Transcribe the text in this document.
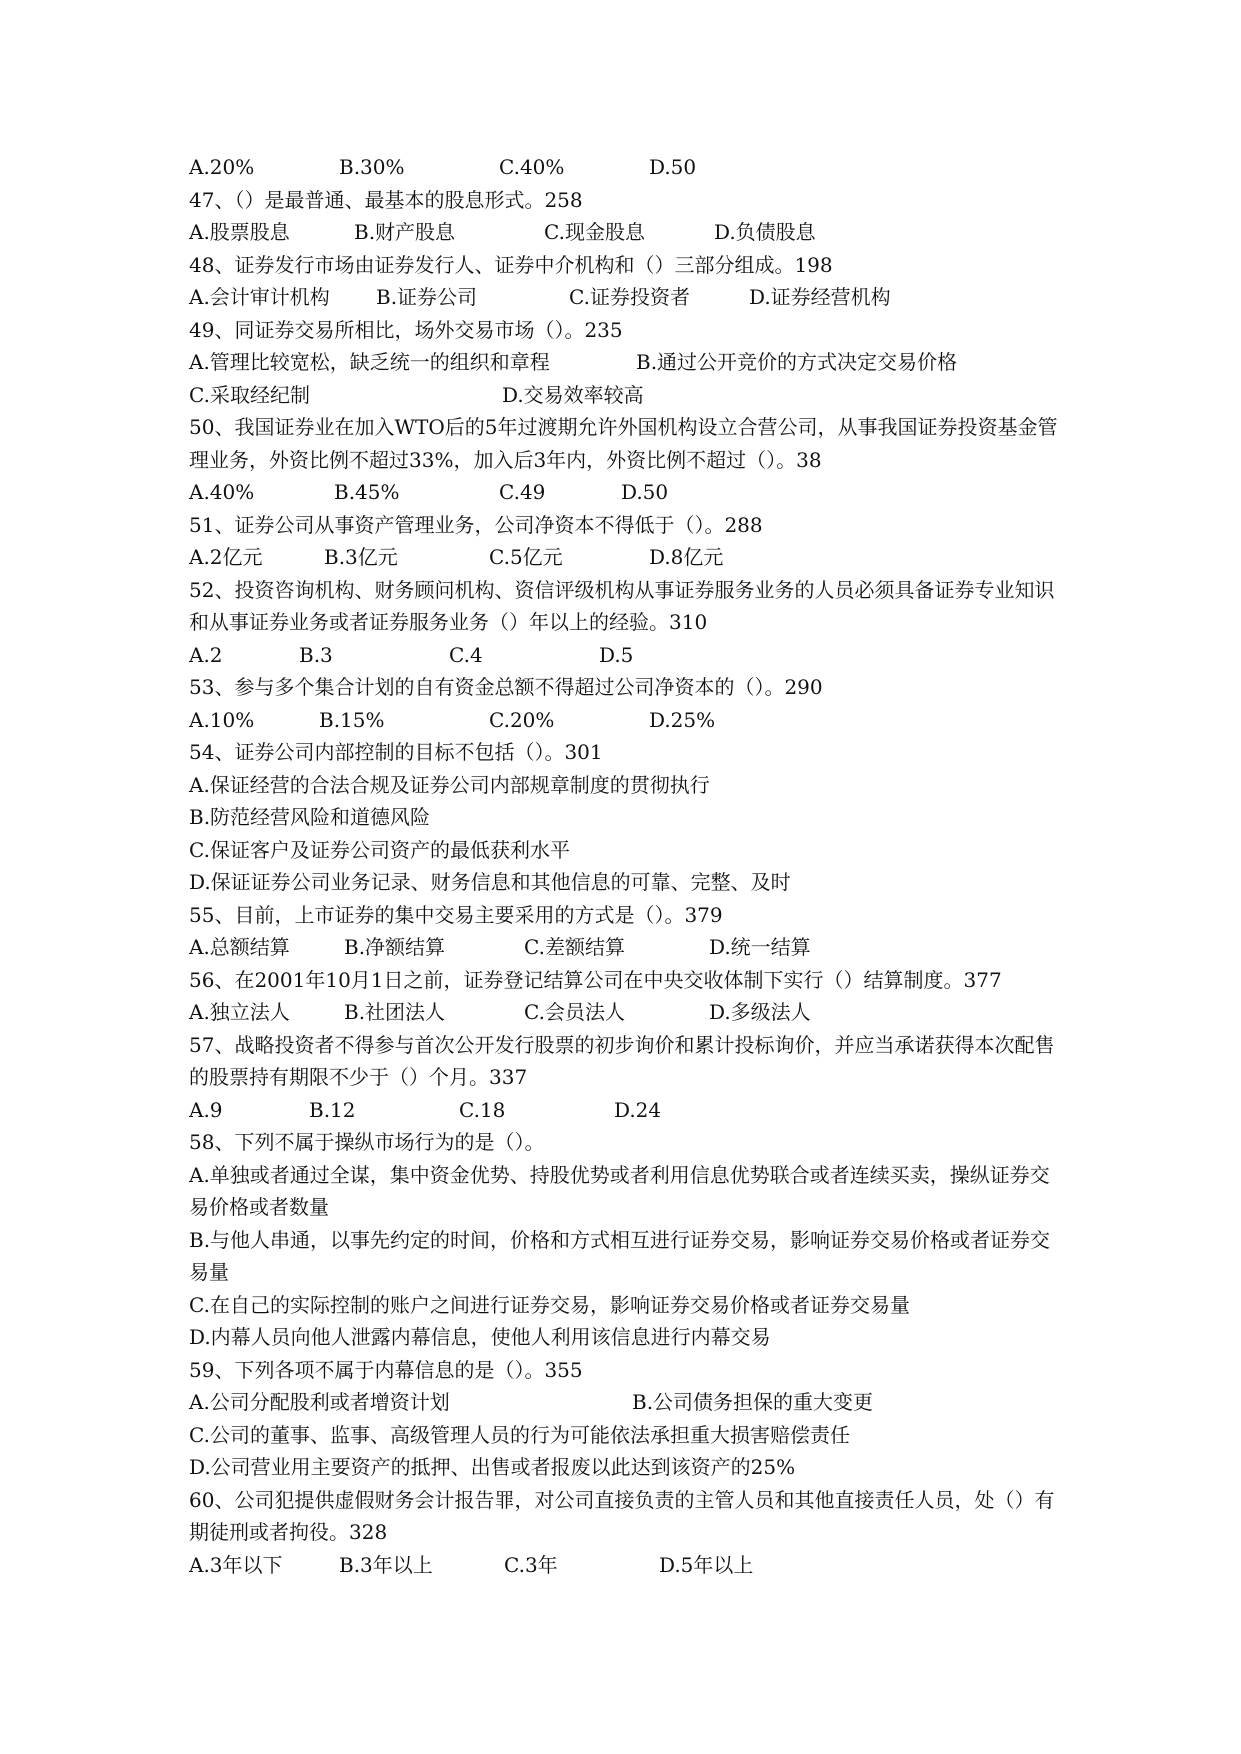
A.20%	B.30%	C.40%	D.50
47、（）是最普通、最基本的股息形式。258
A.股票股息	B.财产股息	C.现金股息	D.负债股息
48、证券发行市场由证券发行人、证券中介机构和（）三部分组成。198
A.会计审计机构 B.证券公司	C.证券投资者	D.证券经营机构
49、同证券交易所相比，场外交易市场（）。235
A.管理比较宽松，缺乏统一的组织和章程	B.通过公开竞价的方式决定交易价格
C.采取经纪制	D.交易效率较高
50、我国证券业在加入WTO后的5年过渡期允许外国机构设立合营公司，从事我国证券投资基金管理业务，外资比例不超过33%，加入后3年内，外资比例不超过（）。38
A.40%	B.45%	C.49	D.50
51、证券公司从事资产管理业务，公司净资本不得低于（）。288
A.2亿元	B.3亿元	C.5亿元	D.8亿元
52、投资咨询机构、财务顾问机构、资信评级机构从事证券服务业务的人员必须具备证券专业知识和从事证券业务或者证券服务业务（）年以上的经验。310
A.2	B.3	C.4	D.5
53、参与多个集合计划的自有资金总额不得超过公司净资本的（）。290
A.10%	B.15%	C.20%	D.25%
54、证券公司内部控制的目标不包括（）。301
A.保证经营的合法合规及证券公司内部规章制度的贯彻执行
B.防范经营风险和道德风险
C.保证客户及证券公司资产的最低获利水平
D.保证证券公司业务记录、财务信息和其他信息的可靠、完整、及时
55、目前，上市证券的集中交易主要采用的方式是（）。379
A.总额结算	B.净额结算	C.差额结算	D.统一结算
56、在2001年10月1日之前，证券登记结算公司在中央交收体制下实行（）结算制度。377
A.独立法人	B.社团法人	C.会员法人	D.多级法人
57、战略投资者不得参与首次公开发行股票的初步询价和累计投标询价，并应当承诺获得本次配售的股票持有期限不少于（）个月。337
A.9	B.12	C.18	D.24
58、下列不属于操纵市场行为的是（）。
A.单独或者通过全谋，集中资金优势、持股优势或者利用信息优势联合或者连续买卖，操纵证券交易价格或者数量
B.与他人串通，以事先约定的时间，价格和方式相互进行证券交易，影响证券交易价格或者证券交易量
C.在自己的实际控制的账户之间进行证券交易，影响证券交易价格或者证券交易量
D.内幕人员向他人泄露内幕信息，使他人利用该信息进行内幕交易
59、下列各项不属于内幕信息的是（）。355
A.公司分配股利或者增资计划	B.公司债务担保的重大变更
C.公司的董事、监事、高级管理人员的行为可能依法承担重大损害赔偿责任
D.公司营业用主要资产的抵押、出售或者报废以此达到该资产的25%
60、公司犯提供虚假财务会计报告罪，对公司直接负责的主管人员和其他直接责任人员，处（）有期徒刑或者拘役。328
A.3年以下	B.3年以上	C.3年	D.5年以上
